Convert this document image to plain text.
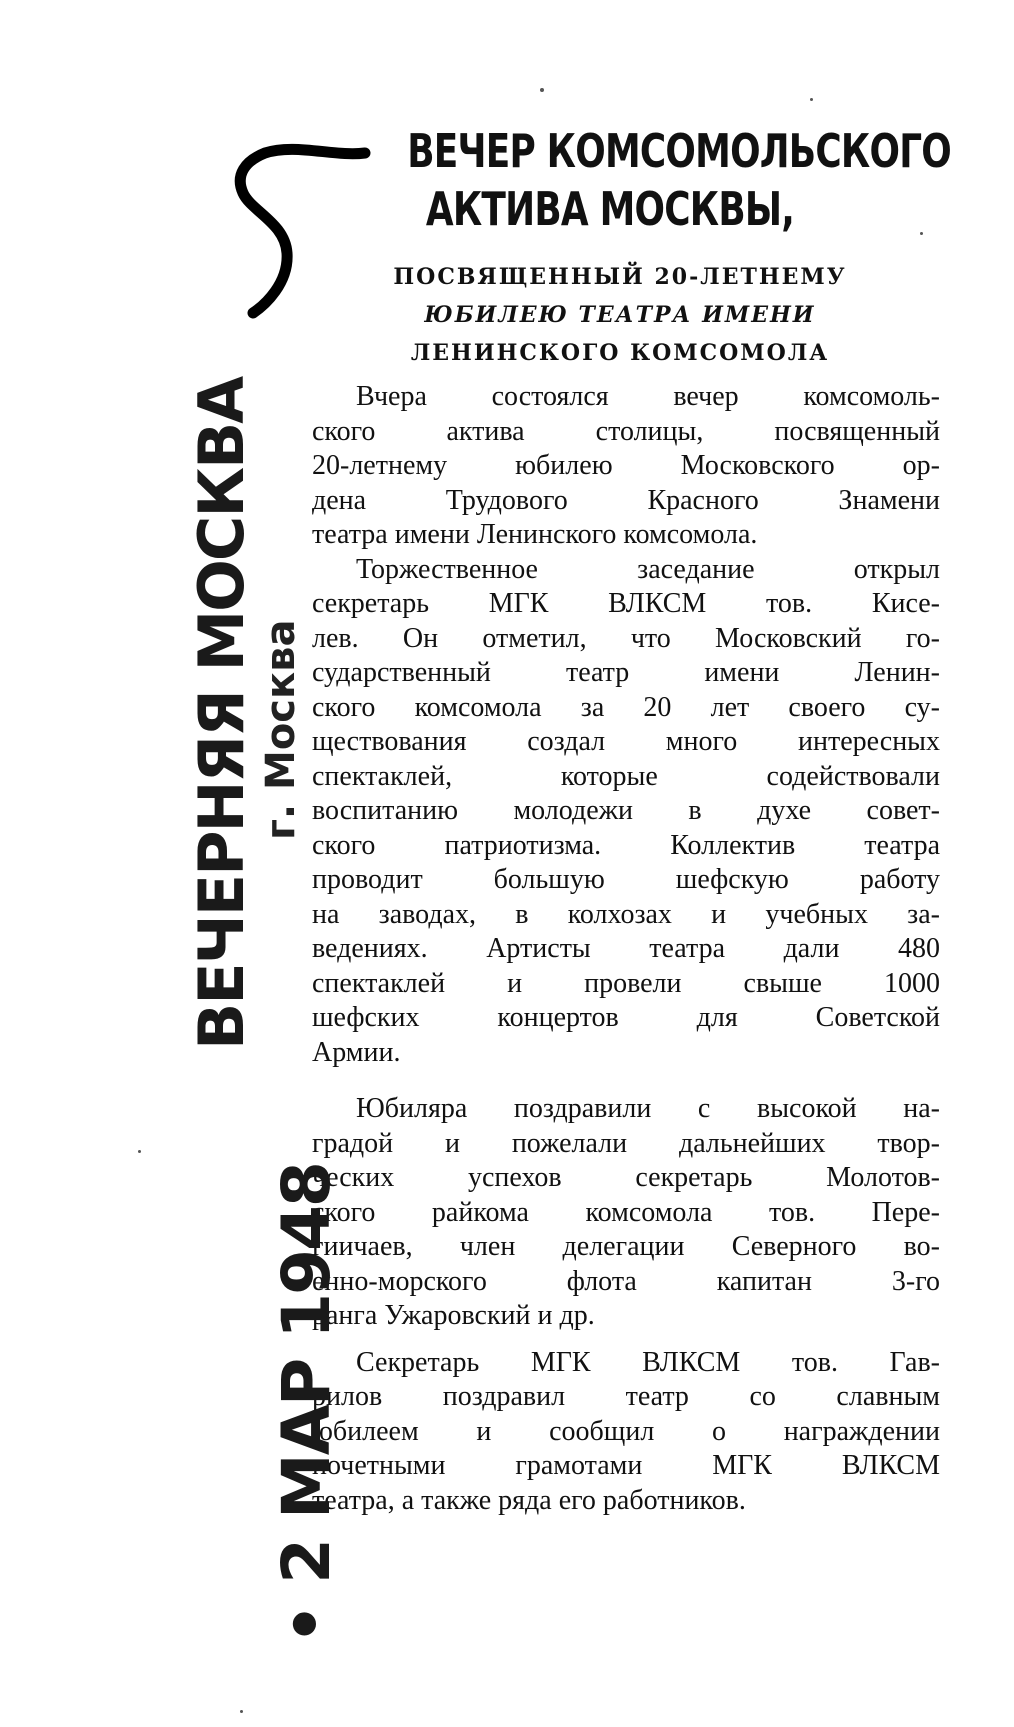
ВЕЧЕР КОМСОМОЛЬСКОГО
АКТИВА МОСКВЫ,
ПОСВЯЩЕННЫЙ 20-ЛЕТНЕМУ
ЮБИЛЕЮ ТЕАТРА ИМЕНИ
ЛЕНИНСКОГО КОМСОМОЛА
Вчера состоялся вечер комсомоль-
ского актива столицы, посвященный
20-летнему юбилею Московского ор-
дена Трудового Красного Знамени
театра имени Ленинского комсомола.
Торжественное заседание открыл
секретарь МГК ВЛКСМ тов. Кисе-
лев. Он отметил, что Московский го-
сударственный театр имени Ленин-
ского комсомола за 20 лет своего су-
ществования создал много интересных
спектаклей, которые содействовали
воспитанию молодежи в духе совет-
ского патриотизма. Коллектив театра
проводит большую шефскую работу
на заводах, в колхозах и учебных за-
ведениях. Артисты театра дали 480
спектаклей и провели свыше 1000
шефских концертов для Советской
Армии.
Юбиляра поздравили с высокой на-
градой и пожелали дальнейших твор-
ческих успехов секретарь Молотов-
ского райкома комсомола тов. Пере-
гиичаев, член делегации Северного во-
енно-морского флота капитан 3-го
ранга Ужаровский и др.
Секретарь МГК ВЛКСМ тов. Гав-
рилов поздравил театр со славным
юбилеем и сообщил о награждении
почетными грамотами МГК ВЛКСМ
театра, а также ряда его работников.
ВЕЧЕРНЯЯ МОСКВА г. Москва
• 2 МАР 1948
